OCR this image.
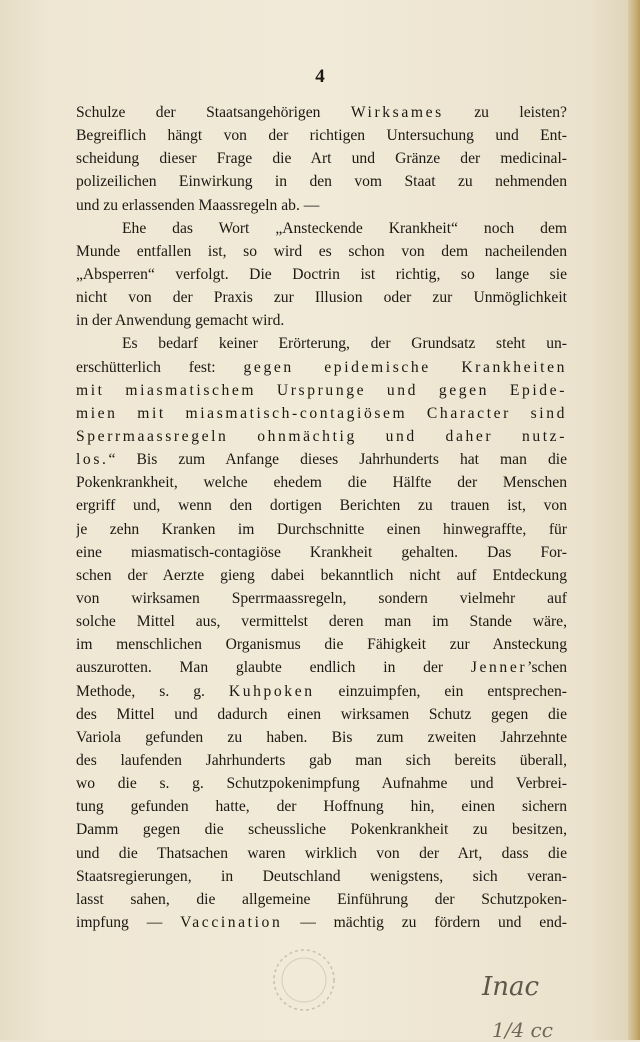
4
Schulze der Staatsangehörigen Wirksames zu leisten?
Begreiflich hängt von der richtigen Untersuchung und Ent-
scheidung dieser Frage die Art und Gränze der medicinal-
polizeilichen Einwirkung in den vom Staat zu nehmenden
und zu erlassenden Maassregeln ab. —
Ehe das Wort „Ansteckende Krankheit“ noch dem
Munde entfallen ist, so wird es schon von dem nacheilenden
„Absperren“ verfolgt. Die Doctrin ist richtig, so lange sie
nicht von der Praxis zur Illusion oder zur Unmöglichkeit
in der Anwendung gemacht wird.
Es bedarf keiner Erörterung, der Grundsatz steht un-
erschütterlich fest: gegen epidemische Krankheiten
mit miasmatischem Ursprunge und gegen Epide-
mien mit miasmatisch-contagiösem Character sind
Sperrmaassregeln ohnmächtig und daher nutz-
los.“ Bis zum Anfange dieses Jahrhunderts hat man die
Pokenkrankheit, welche ehedem die Hälfte der Menschen
ergriff und, wenn den dortigen Berichten zu trauen ist, von
je zehn Kranken im Durchschnitte einen hinwegraffte, für
eine miasmatisch-contagiöse Krankheit gehalten. Das For-
schen der Aerzte gieng dabei bekanntlich nicht auf Entdeckung
von wirksamen Sperrmaassregeln, sondern vielmehr auf
solche Mittel aus, vermittelst deren man im Stande wäre,
im menschlichen Organismus die Fähigkeit zur Ansteckung
auszurotten. Man glaubte endlich in der Jenner’schen
Methode, s. g. Kuhpoken einzuimpfen, ein entsprechen-
des Mittel und dadurch einen wirksamen Schutz gegen die
Variola gefunden zu haben. Bis zum zweiten Jahrzehnte
des laufenden Jahrhunderts gab man sich bereits überall,
wo die s. g. Schutzpokenimpfung Aufnahme und Verbrei-
tung gefunden hatte, der Hoffnung hin, einen sichern
Damm gegen die scheussliche Pokenkrankheit zu besitzen,
und die Thatsachen waren wirklich von der Art, dass die
Staatsregierungen, in Deutschland wenigstens, sich veran-
lasst sahen, die allgemeine Einführung der Schutzpoken-
impfung — Vaccination — mächtig zu fördern und end-
Inac
1/4 cc
